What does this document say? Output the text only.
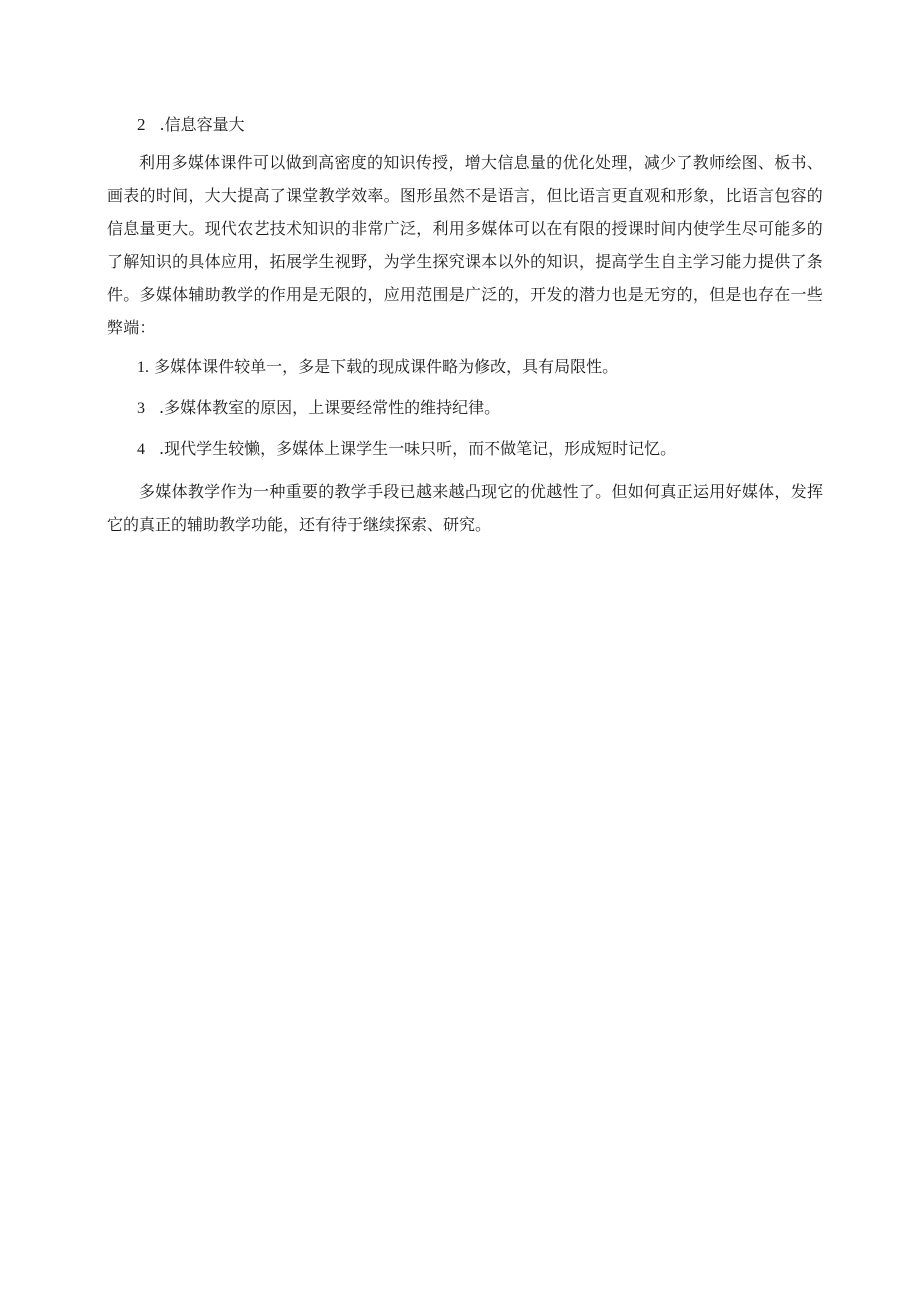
2 .信息容量大

利用多媒体课件可以做到高密度的知识传授，增大信息量的优化处理，减少了教师绘图、板书、画表的时间，大大提高了课堂教学效率。图形虽然不是语言，但比语言更直观和形象，比语言包容的信息量更大。现代农艺技术知识的非常广泛，利用多媒体可以在有限的授课时间内使学生尽可能多的了解知识的具体应用，拓展学生视野，为学生探究课本以外的知识，提高学生自主学习能力提供了条件。多媒体辅助教学的作用是无限的，应用范围是广泛的，开发的潜力也是无穷的，但是也存在一些弊端：

1. 多媒体课件较单一，多是下载的现成课件略为修改，具有局限性。
3 .多媒体教室的原因，上课要经常性的维持纪律。
4 .现代学生较懒，多媒体上课学生一味只听，而不做笔记，形成短时记忆。

多媒体教学作为一种重要的教学手段已越来越凸现它的优越性了。但如何真正运用好媒体，发挥它的真正的辅助教学功能，还有待于继续探索、研究。
